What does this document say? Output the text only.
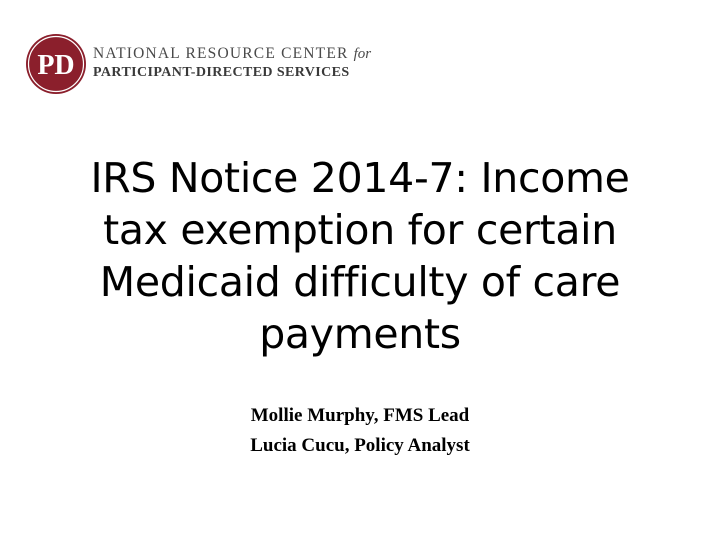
PD NATIONAL RESOURCE CENTER for
PARTICIPANT-DIRECTED SERVICES
IRS Notice 2014-7: Income
tax exemption for certain
Medicaid difficulty of care
payments
Mollie Murphy, FMS Lead
Lucia Cucu, Policy Analyst
